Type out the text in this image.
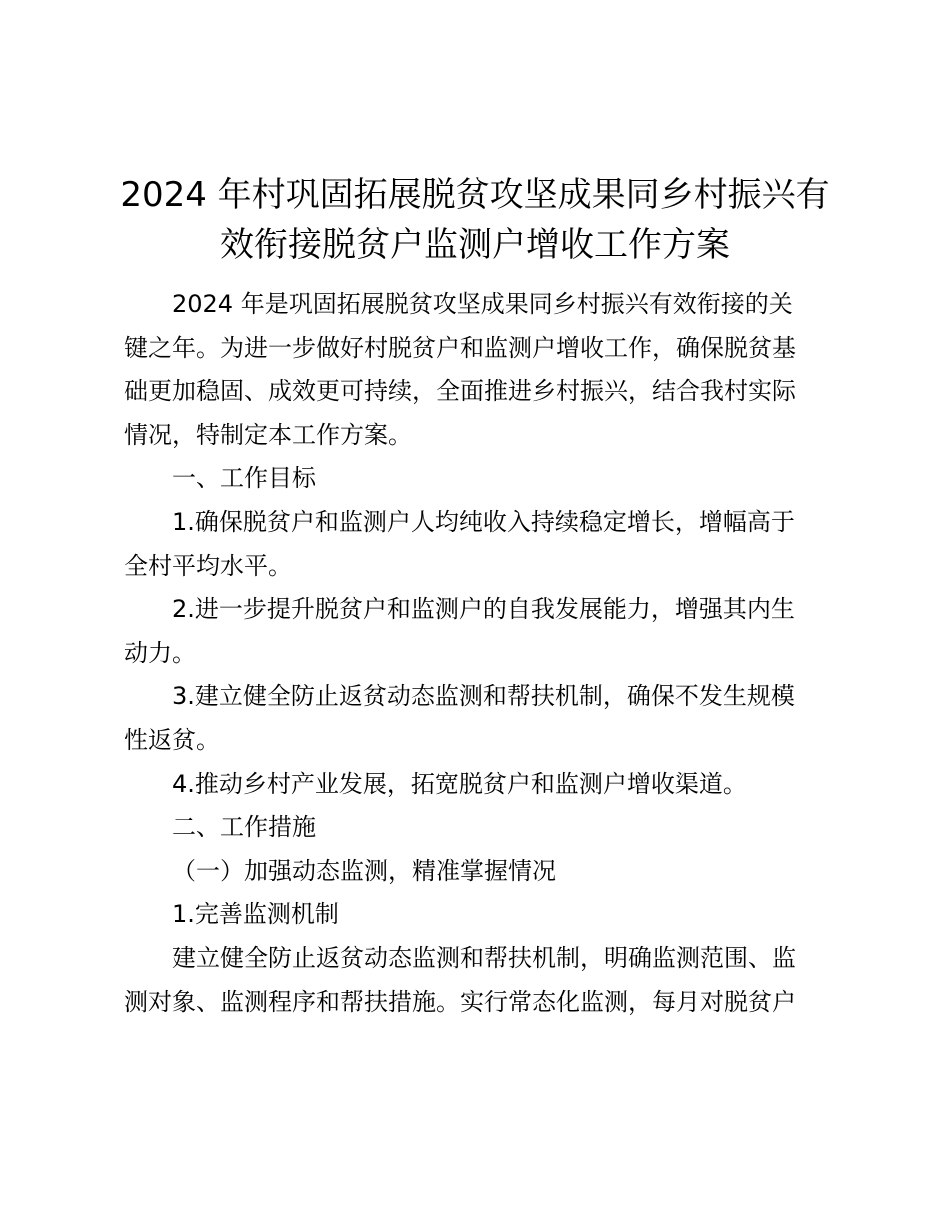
2024 年村巩固拓展脱贫攻坚成果同乡村振兴有
效衔接脱贫户监测户增收工作方案
2024 年是巩固拓展脱贫攻坚成果同乡村振兴有效衔接的关
键之年。为进一步做好村脱贫户和监测户增收工作，确保脱贫基
础更加稳固、成效更可持续，全面推进乡村振兴，结合我村实际
情况，特制定本工作方案。
一、工作目标
1.确保脱贫户和监测户人均纯收入持续稳定增长，增幅高于
全村平均水平。
2.进一步提升脱贫户和监测户的自我发展能力，增强其内生
动力。
3.建立健全防止返贫动态监测和帮扶机制，确保不发生规模
性返贫。
4.推动乡村产业发展，拓宽脱贫户和监测户增收渠道。
二、工作措施
（一）加强动态监测，精准掌握情况
1.完善监测机制
建立健全防止返贫动态监测和帮扶机制，明确监测范围、监
测对象、监测程序和帮扶措施。实行常态化监测，每月对脱贫户
